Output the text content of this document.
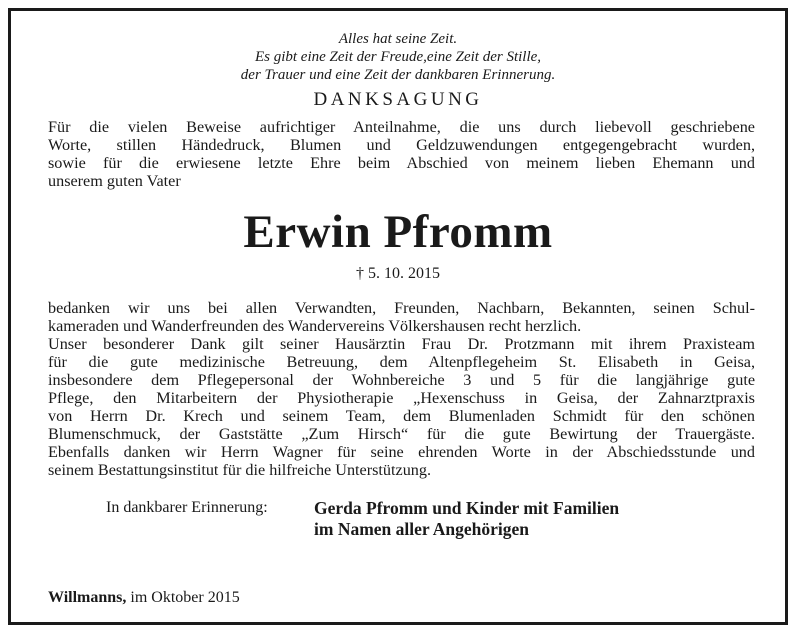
Alles hat seine Zeit.
Es gibt eine Zeit der Freude,eine Zeit der Stille,
der Trauer und eine Zeit der dankbaren Erinnerung.
DANKSAGUNG
Für die vielen Beweise aufrichtiger Anteilnahme, die uns durch liebevoll geschriebene
Worte, stillen Händedruck, Blumen und Geldzuwendungen entgegengebracht wurden,
sowie für die erwiesene letzte Ehre beim Abschied von meinem lieben Ehemann und
unserem guten Vater
Erwin Pfromm
† 5. 10. 2015
bedanken wir uns bei allen Verwandten, Freunden, Nachbarn, Bekannten, seinen Schul-
kameraden und Wanderfreunden des Wandervereins Völkershausen recht herzlich.
Unser besonderer Dank gilt seiner Hausärztin Frau Dr. Protzmann mit ihrem Praxisteam
für die gute medizinische Betreuung, dem Altenpflegeheim St. Elisabeth in Geisa,
insbesondere dem Pflegepersonal der Wohnbereiche 3 und 5 für die langjährige gute
Pflege, den Mitarbeitern der Physiotherapie „Hexenschuss in Geisa, der Zahnarztpraxis
von Herrn Dr. Krech und seinem Team, dem Blumenladen Schmidt für den schönen
Blumenschmuck, der Gaststätte „Zum Hirsch“ für die gute Bewirtung der Trauergäste.
Ebenfalls danken wir Herrn Wagner für seine ehrenden Worte in der Abschiedsstunde und
seinem Bestattungsinstitut für die hilfreiche Unterstützung.
In dankbarer Erinnerung:	Gerda Pfromm und Kinder mit Familien
im Namen aller Angehörigen
Willmanns, im Oktober 2015
